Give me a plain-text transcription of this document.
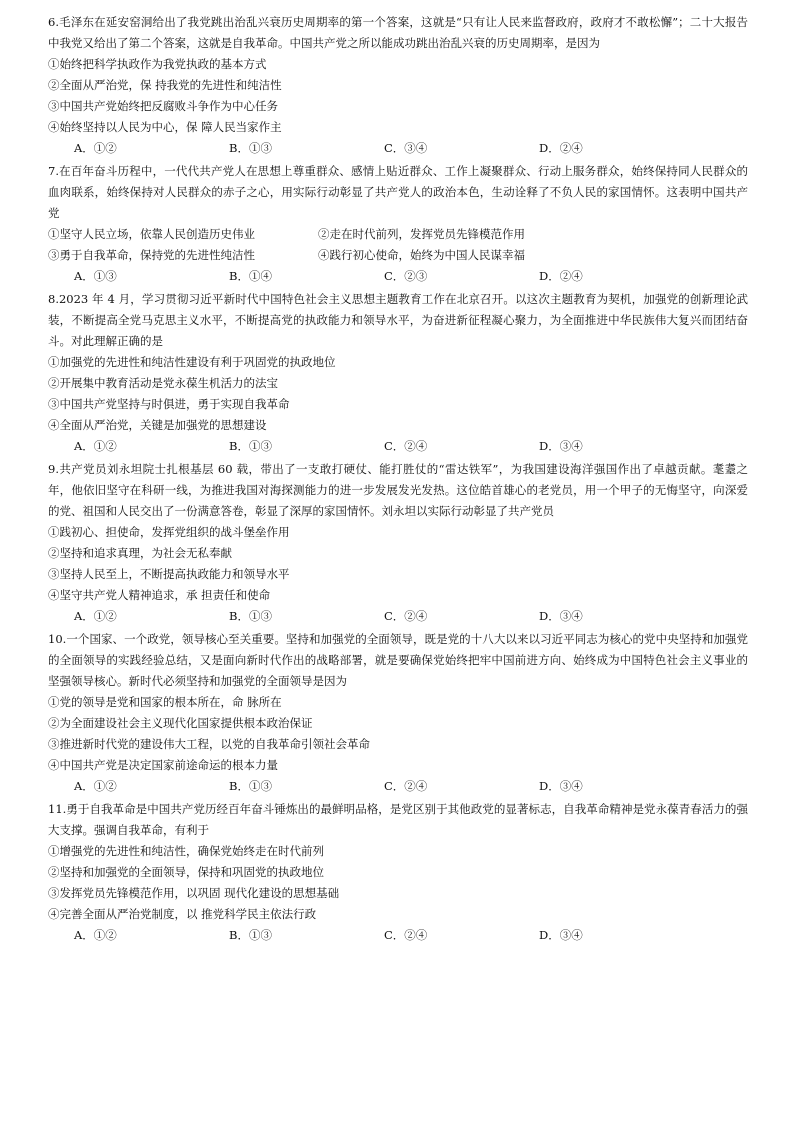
6.毛泽东在延安窑洞给出了我党跳出治乱兴衰历史周期率的第一个答案，这就是“只有让人民来监督政府，政府才不敢松懈”；二十大报告中我党又给出了第二个答案，这就是自我革命。中国共产党之所以能成功跳出治乱兴衰的历史周期率，是因为
①始终把科学执政作为我党执政的基本方式
②全面从严治党，保 持我党的先进性和纯洁性
③中国共产党始终把反腐败斗争作为中心任务
④始终坚持以人民为中心，保 障人民当家作主
A．①②	B．①③	C．③④	D．②④
7.在百年奋斗历程中，一代代共产党人在思想上尊重群众、感情上贴近群众、工作上凝聚群众、行动上服务群众，始终保持同人民群众的血肉联系，始终保持对人民群众的赤子之心，用实际行动彰显了共产党人的政治本色，生动诠释了不负人民的家国情怀。这表明中国共产党
①坚守人民立场，依靠人民创造历史伟业	②走在时代前列，发挥党员先锋模范作用
③勇于自我革命，保持党的先进性纯洁性	④践行初心使命，始终为中国人民谋幸福
A．①③	B．①④	C．②③	D．②④
8.2023 年 4 月，学习贯彻习近平新时代中国特色社会主义思想主题教育工作在北京召开。以这次主题教育为契机，加强党的创新理论武装，不断提高全党马克思主义水平，不断提高党的执政能力和领导水平，为奋进新征程凝心聚力，为全面推进中华民族伟大复兴而团结奋斗。对此理解正确的是
①加强党的先进性和纯洁性建设有利于巩固党的执政地位
②开展集中教育活动是党永葆生机活力的法宝
③中国共产党坚持与时俱进，勇于实现自我革命
④全面从严治党，关键是加强党的思想建设
A．①②	B．①③	C．②④	D．③④
9.共产党员刘永坦院士扎根基层 60 载，带出了一支敢打硬仗、能打胜仗的“雷达铁军”，为我国建设海洋强国作出了卓越贡献。耄耋之年，他依旧坚守在科研一线，为推进我国对海探测能力的进一步发展发光发热。这位皓首雄心的老党员，用一个甲子的无悔坚守，向深爱的党、祖国和人民交出了一份满意答卷，彰显了深厚的家国情怀。刘永坦以实际行动彰显了共产党员
①践初心、担使命，发挥党组织的战斗堡垒作用
②坚持和追求真理，为社会无私奉献
③坚持人民至上，不断提高执政能力和领导水平
④坚守共产党人精神追求，承 担责任和使命
A．①②	B．①③	C．②④	D．③④
10.一个国家、一个政党，领导核心至关重要。坚持和加强党的全面领导，既是党的十八大以来以习近平同志为核心的党中央坚持和加强党的全面领导的实践经验总结，又是面向新时代作出的战略部署，就是要确保党始终把牢中国前进方向、始终成为中国特色社会主义事业的坚强领导核心。新时代必须坚持和加强党的全面领导是因为
①党的领导是党和国家的根本所在，命 脉所在
②为全面建设社会主义现代化国家提供根本政治保证
③推进新时代党的建设伟大工程，以党的自我革命引领社会革命
④中国共产党是决定国家前途命运的根本力量
A．①②	B．①③	C．②④	D．③④
11.勇于自我革命是中国共产党历经百年奋斗锤炼出的最鲜明品格，是党区别于其他政党的显著标志，自我革命精神是党永葆青春活力的强大支撑。强调自我革命，有利于
①增强党的先进性和纯洁性，确保党始终走在时代前列
②坚持和加强党的全面领导，保持和巩固党的执政地位
③发挥党员先锋模范作用，以巩固 现代化建设的思想基础
④完善全面从严治党制度，以 推党科学民主依法行政
A．①②	B．①③	C．②④	D．③④
